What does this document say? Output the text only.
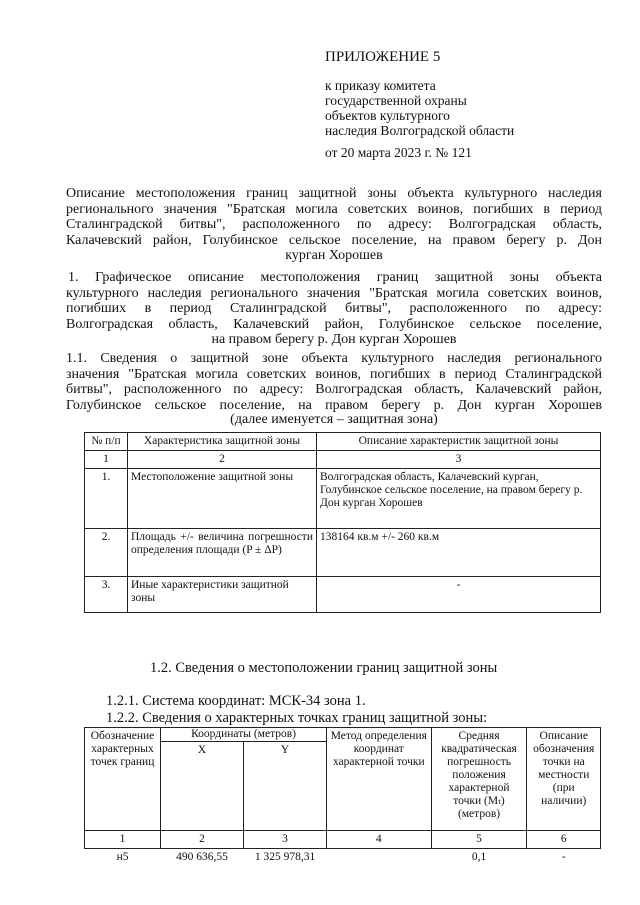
ПРИЛОЖЕНИЕ 5
к приказу комитета
государственной охраны
объектов культурного
наследия Волгоградской области
от 20 марта 2023 г. № 121
Описание местоположения границ защитной зоны объекта культурного наследия
регионального значения "Братская могила советских воинов, погибших в период
Сталинградской битвы", расположенного по адресу: Волгоградская область,
Калачевский район, Голубинское сельское поселение, на правом берегу р. Дон
курган Хорошев
1. Графическое описание местоположения границ защитной зоны объекта
культурного наследия регионального значения "Братская могила советских воинов,
погибших в период Сталинградской битвы", расположенного по адресу:
Волгоградская область, Калачевский район, Голубинское сельское поселение,
на правом берегу р. Дон курган Хорошев
1.1. Сведения о защитной зоне объекта культурного наследия регионального
значения "Братская могила советских воинов, погибших в период Сталинградской
битвы", расположенного по адресу: Волгоградская область, Калачевский район,
Голубинское сельское поселение, на правом берегу р. Дон курган Хорошев
(далее именуется – защитная зона)
№ п/п	Характеристика защитной зоны	Описание характеристик защитной зоны
1	2	3
1.	Местоположение защитной зоны	Волгоградская область, Калачевский курган, Голубинское сельское поселение, на правом берегу р. Дон курган Хорошев
2.	Площадь +/- величина погрешности определения площади (P ± ΔP)	138164 кв.м +/- 260 кв.м
3.	Иные характеристики защитной зоны	-
1.2. Сведения о местоположении границ защитной зоны
1.2.1. Система координат: МСК-34 зона 1.
1.2.2. Сведения о характерных точках границ защитной зоны:
Обозначение характерных точек границ	Координаты (метров)		Метод определения координат характерной точки	Средняя квадратическая погрешность положения характерной точки (Mₜ) (метров)	Описание обозначения точки на местности (при наличии)
	X	Y			
1	2	3	4	5	6
н5	490 636,55	1 325 978,31		0,1	-
